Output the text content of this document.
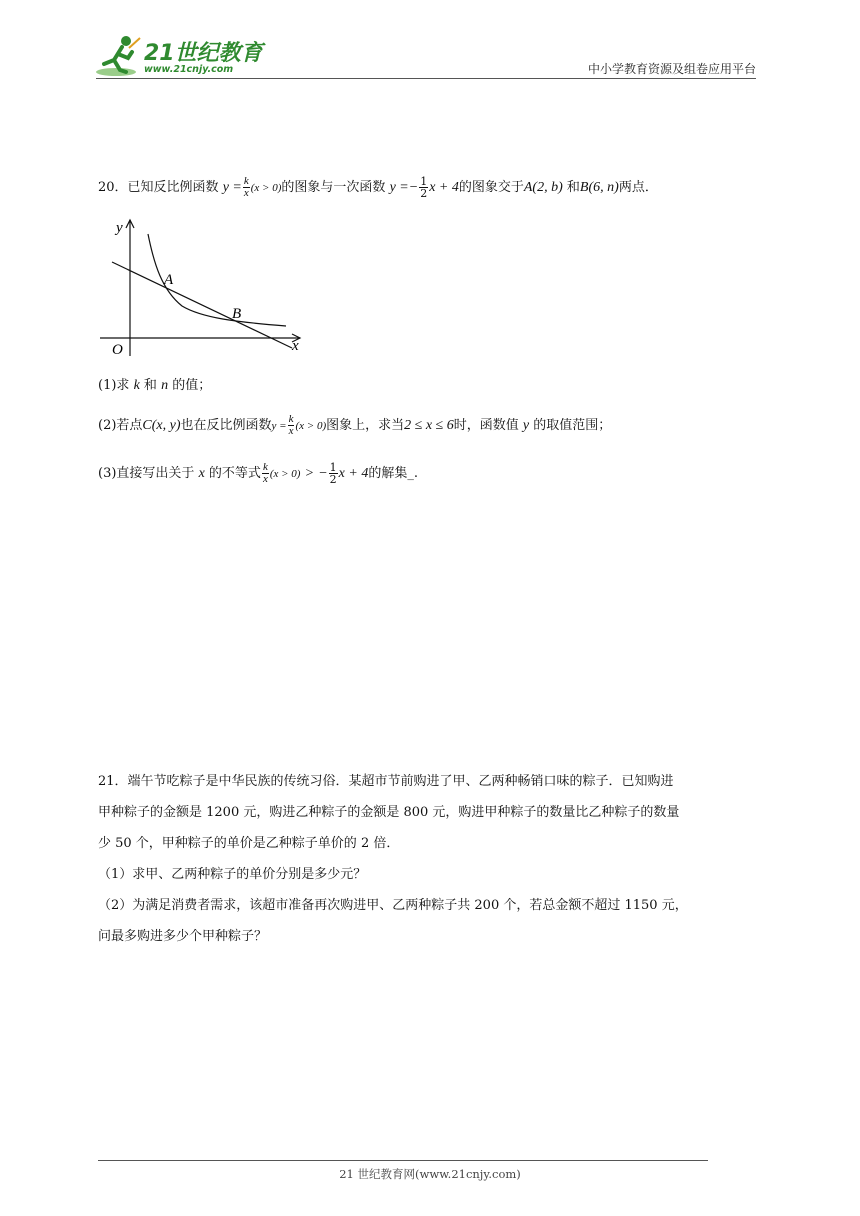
21世纪教育
www.21cnjy.com	中小学教育资源及组卷应用平台
20．已知反比例函数 $y = \frac{k}{x} (x > 0)$的图象与一次函数 $y =- \frac{1}{2}$ x + 4的图象交于A(2, b) 和B(6, n)两点．
y
x
O
A
B
(1)求 k 和 n 的值；
(2)若点C(x, y)也在反比例函数$y = \frac{k}{x} (x > 0)$图象上，求当2 ≤ x ≤ 6时，函数值 y 的取值范围；
(3)直接写出关于 x 的不等式 $\frac{k}{x} (x > 0)$ > − $\frac{1}{2}$ x + 4的解集_.
21．端午节吃粽子是中华民族的传统习俗．某超市节前购进了甲、乙两种畅销口味的粽子．已知购进
甲种粽子的金额是 1200 元，购进乙种粽子的金额是 800 元，购进甲种粽子的数量比乙种粽子的数量
少 50 个，甲种粽子的单价是乙种粽子单价的 2 倍．
（1）求甲、乙两种粽子的单价分别是多少元？
（2）为满足消费者需求，该超市准备再次购进甲、乙两种粽子共 200 个，若总金额不超过 1150 元，
问最多购进多少个甲种粽子？
21 世纪教育网(www.21cnjy.com)
